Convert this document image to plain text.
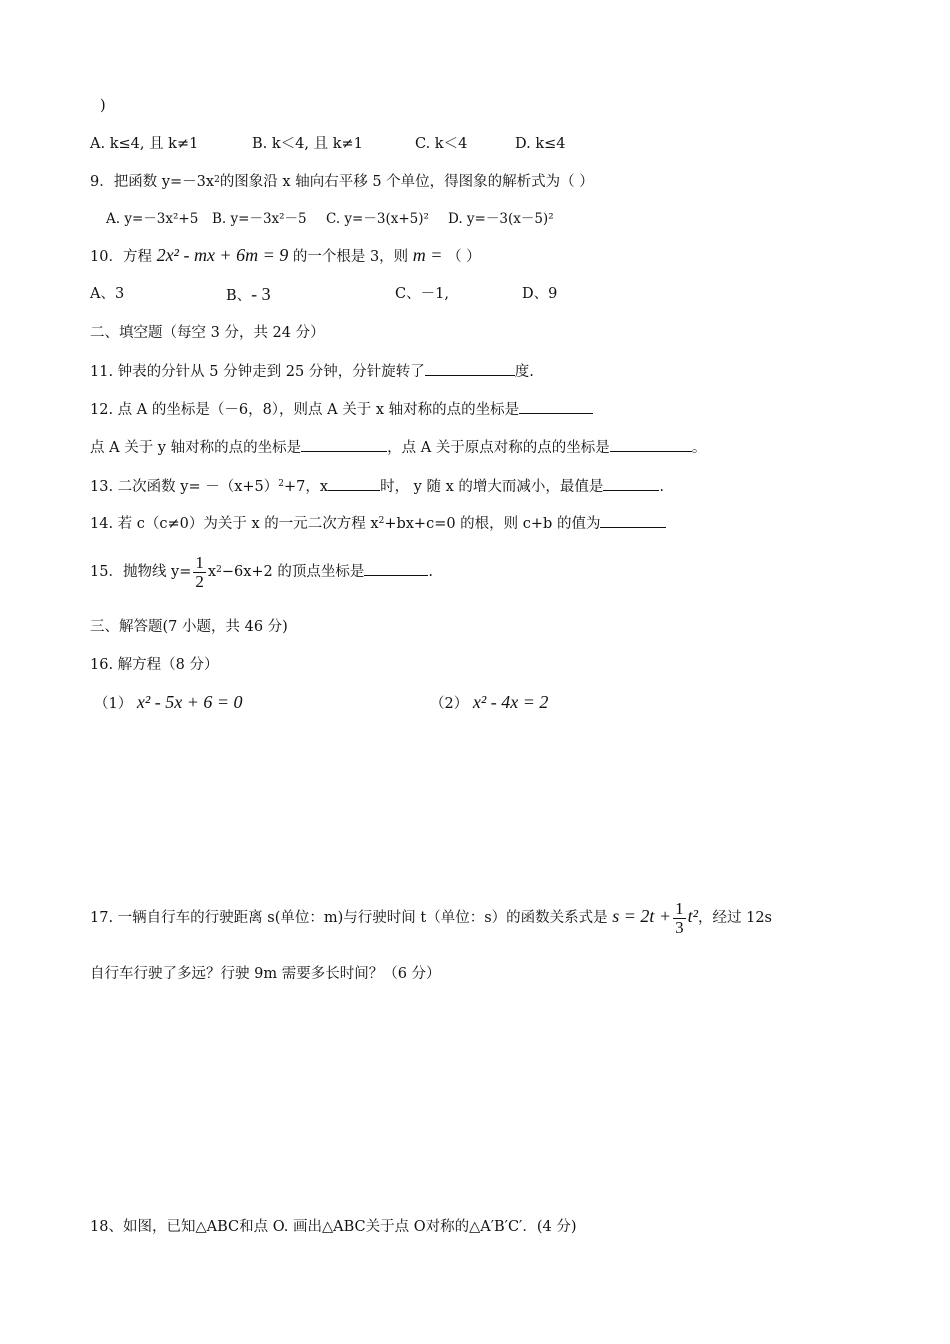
)
A. k≤4, 且 k≠1	B. k＜4, 且 k≠1	C. k＜4	D. k≤4
9．把函数 $y=-3x^2$的图象沿 x 轴向右平移 5 个单位，得图象的解析式为（ ）
A. y=－3x²+5 B. y=－3x²－5 C. y=－3(x+5)² D. y=－3(x－5)²
10．方程 2x² - mx + 6m = 9 的一个根是 3，则 m = （ ）
A、3	B、- 3	C、－1,	D、9
二、填空题（每空 3 分，共 24 分）
11. 钟表的分针从 5 分钟走到 25 分钟，分针旋转了	度.
12. 点 A 的坐标是（－6，8），则点 A 关于 x 轴对称的点的坐标是
点 A 关于 y 轴对称的点的坐标是	，点 A 关于原点对称的点的坐标是	。
13. 二次函数 $y= -(x+5)^2+7$，x	时， y 随 x 的增大而减小，最值是	.
14. 若 c（c≠0）为关于 x 的一元二次方程 $x^2+bx+c=0$ 的根，则 c+b 的值为
15．抛物线 $y= \frac{1}{2} x^2-6x+2$ 的顶点坐标是	.
三、解答题(7 小题，共 46 分)
16. 解方程（8 分）
（1） x² - 5x + 6 = 0	（2） x² - 4x = 2
17. 一辆自行车的行驶距离 s(单位：m)与行驶时间 t（单位：s）的函数关系式是 $s = 2t + \frac{1}{3} t^2$，经过 12s
自行车行驶了多远？行驶 9m 需要多长时间？（6 分）
18、如图，已知△ABC和点 O. 画出△ABC关于点 O对称的△A′B′C′．(4 分)
